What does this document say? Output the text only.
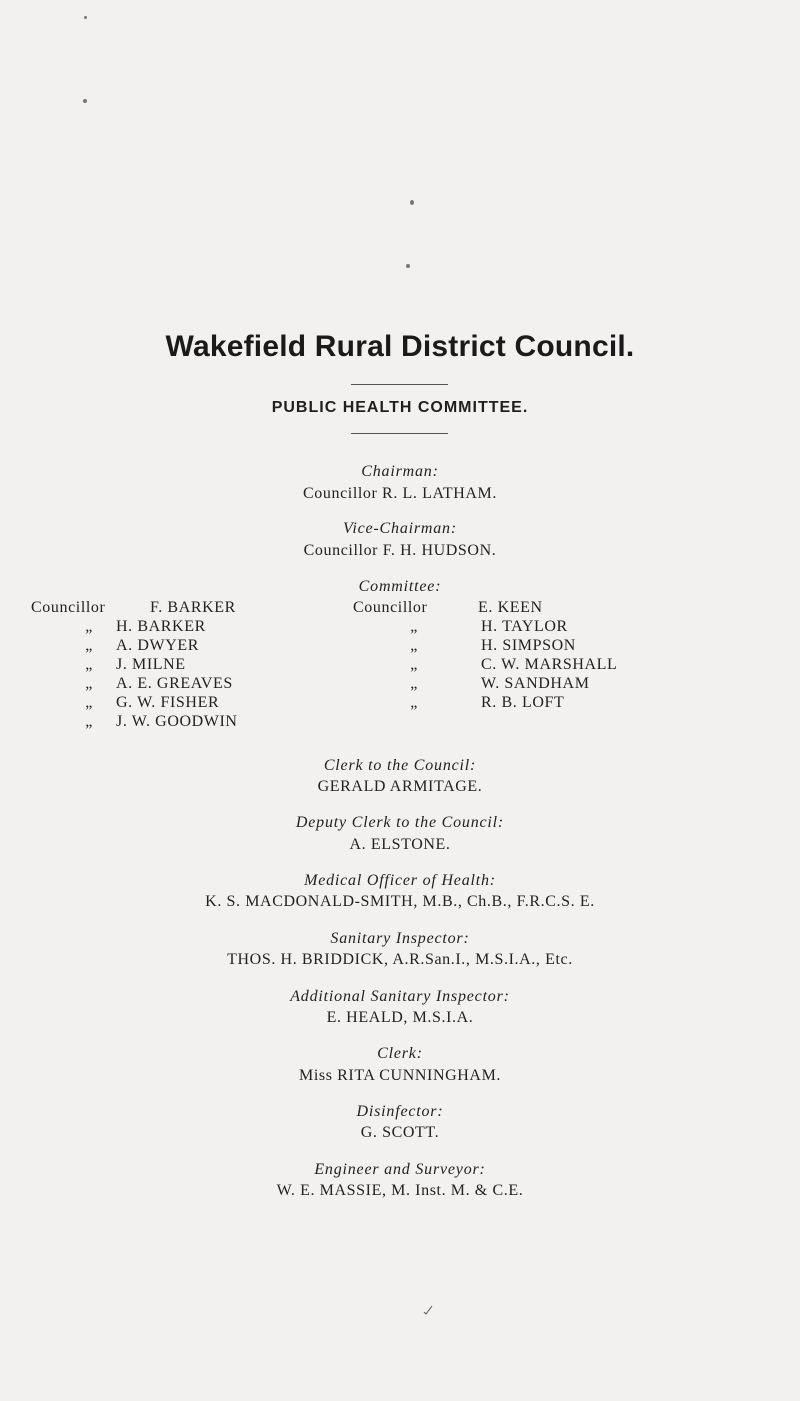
Wakefield Rural District Council.
PUBLIC HEALTH COMMITTEE.
Chairman:
Councillor R. L. LATHAM.
Vice-Chairman:
Councillor F. H. HUDSON.
Committee:
Councillor	F. BARKER
„ H. BARKER
„ A. DWYER
„ J. MILNE
„ A. E. GREAVES
„ G. W. FISHER
„ J. W. GOODWIN
Councillor	E. KEEN
„	H. TAYLOR
„	H. SIMPSON
„	C. W. MARSHALL
„	W. SANDHAM
„	R. B. LOFT
Clerk to the Council:
GERALD ARMITAGE.
Deputy Clerk to the Council:
A. ELSTONE.
Medical Officer of Health:
K. S. MACDONALD-SMITH, M.B., Ch.B., F.R.C.S. E.
Sanitary Inspector:
THOS. H. BRIDDICK, A.R.San.I., M.S.I.A., Etc.
Additional Sanitary Inspector:
E. HEALD, M.S.I.A.
Clerk:
Miss RITA CUNNINGHAM.
Disinfector:
G. SCOTT.
Engineer and Surveyor:
W. E. MASSIE, M. Inst. M. & C.E.
